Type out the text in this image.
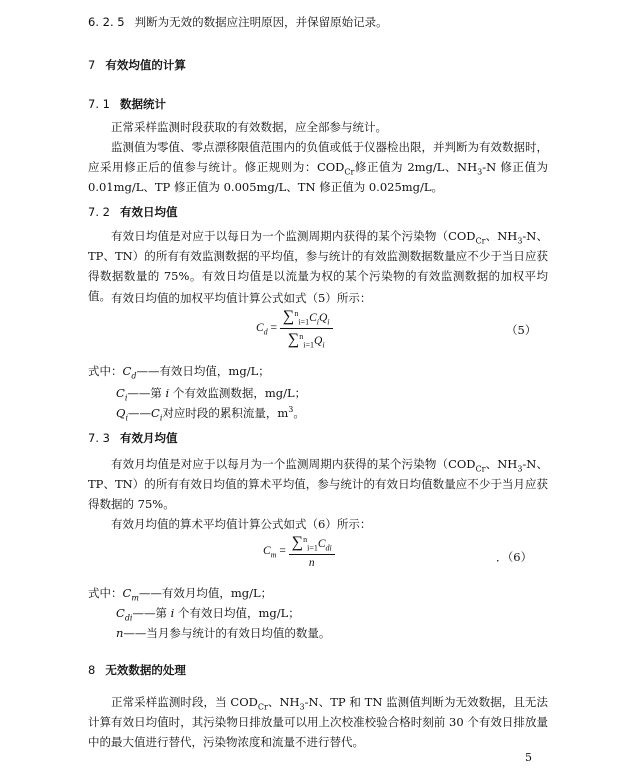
6. 2. 5 判断为无效的数据应注明原因，并保留原始记录。
7 有效均值的计算
7. 1 数据统计
正常采样监测时段获取的有效数据，应全部参与统计。
监测值为零值、零点漂移限值范围内的负值或低于仪器检出限，并判断为有效数据时，应采用修正后的值参与统计。修正规则为：$COD_{Cr}$修正值为 2mg/L、$NH_3-N$ 修正值为 0.01mg/L、TP 修正值为 0.005mg/L、TN 修正值为 0.025mg/L。
7. 2 有效日均值
有效日均值是对应于以每日为一个监测周期内获得的某个污染物（$COD_{Cr}$、$NH_3-N$、TP、TN）的所有有效监测数据的平均值，参与统计的有效监测数据数量应不少于当日应获得数据数量的 75%。有效日均值是以流量为权的某个污染物的有效监测数据的加权平均值。 有效日均值的加权平均值计算公式如式（5）所示：
$C_d = \frac{\sum^n_{i=1}C_iQ_i}{\sum^n_{i=1}Q_i}$	（5）
式中：$C_d——$有效日均值，mg/L；
$C_i——$第 i 个有效监测数据，mg/L；
$Q_i——C_i$对应时段的累积流量，$m^3$。
7. 3 有效月均值
有效月均值是对应于以每月为一个监测周期内获得的某个污染物（$COD_{Cr}$、$NH_3-N$、TP、TN）的所有有效日均值的算术平均值，参与统计的有效日均值数量应不少于当月应获得数据的 75%。
有效月均值的算术平均值计算公式如式（6）所示：
$C_m = \frac{\sum^n_{i=1}C_{di}}{n}$	．（6）
式中：$C_m——$有效月均值，mg/L；
$C_{di}——$第 i 个有效日均值，mg/L；
n——当月参与统计的有效日均值的数量。
8 无效数据的处理
正常采样监测时段，当 $COD_{Cr}$、$NH_3-N$、TP 和 TN 监测值判断为无效数据，且无法计算有效日均值时，其污染物日排放量可以用上次校准校验合格时刻前 30 个有效日排放量中的最大值进行替代，污染物浓度和流量不进行替代。
5
